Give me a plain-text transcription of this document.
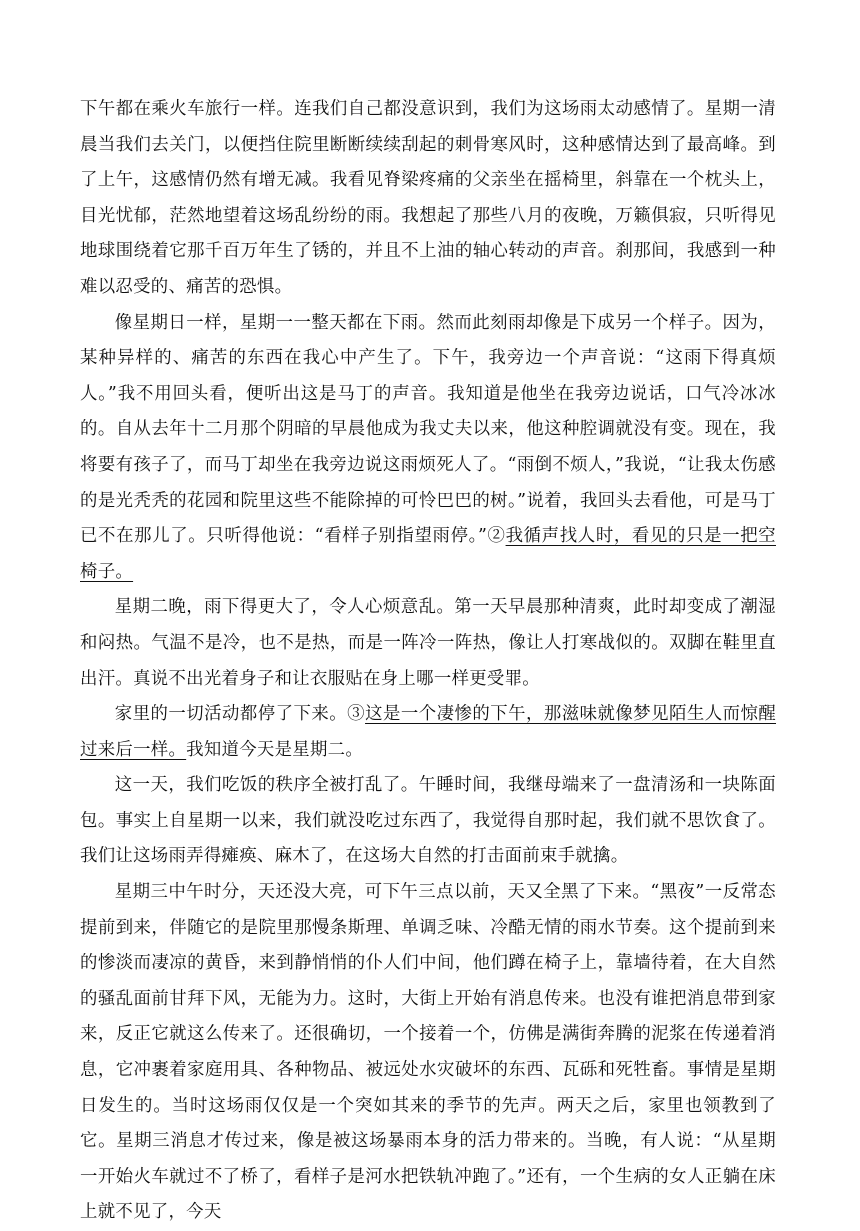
下午都在乘火车旅行一样。连我们自己都没意识到，我们为这场雨太动感情了。星期一清晨当我们去关门，以便挡住院里断断续续刮起的刺骨寒风时，这种感情达到了最高峰。到了上午，这感情仍然有增无减。我看见脊梁疼痛的父亲坐在摇椅里，斜靠在一个枕头上，目光忧郁，茫然地望着这场乱纷纷的雨。我想起了那些八月的夜晚，万籁俱寂，只听得见地球围绕着它那千百万年生了锈的，并且不上油的轴心转动的声音。刹那间，我感到一种难以忍受的、痛苦的恐惧。

像星期日一样，星期一一整天都在下雨。然而此刻雨却像是下成另一个样子。因为，某种异样的、痛苦的东西在我心中产生了。下午，我旁边一个声音说：“这雨下得真烦人。”我不用回头看，便听出这是马丁的声音。我知道是他坐在我旁边说话，口气冷冰冰的。自从去年十二月那个阴暗的早晨他成为我丈夫以来，他这种腔调就没有变。现在，我将要有孩子了，而马丁却坐在我旁边说这雨烦死人了。“雨倒不烦人，”我说，“让我太伤感的是光秃秃的花园和院里这些不能除掉的可怜巴巴的树。”说着，我回头去看他，可是马丁已不在那儿了。只听得他说：“看样子别指望雨停。”②我循声找人时，看见的只是一把空椅子。

星期二晚，雨下得更大了，令人心烦意乱。第一天早晨那种清爽，此时却变成了潮湿和闷热。气温不是冷，也不是热，而是一阵冷一阵热，像让人打寒战似的。双脚在鞋里直出汗。真说不出光着身子和让衣服贴在身上哪一样更受罪。

家里的一切活动都停了下来。③这是一个凄惨的下午，那滋味就像梦见陌生人而惊醒过来后一样。我知道今天是星期二。

这一天，我们吃饭的秩序全被打乱了。午睡时间，我继母端来了一盘清汤和一块陈面包。事实上自星期一以来，我们就没吃过东西了，我觉得自那时起，我们就不思饮食了。我们让这场雨弄得瘫痪、麻木了，在这场大自然的打击面前束手就擒。

星期三中午时分，天还没大亮，可下午三点以前，天又全黑了下来。“黑夜”一反常态提前到来，伴随它的是院里那慢条斯理、单调乏味、冷酷无情的雨水节奏。这个提前到来的惨淡而凄凉的黄昏，来到静悄悄的仆人们中间，他们蹲在椅子上，靠墙待着，在大自然的骚乱面前甘拜下风，无能为力。这时，大街上开始有消息传来。也没有谁把消息带到家来，反正它就这么传来了。还很确切，一个接着一个，仿佛是满街奔腾的泥浆在传递着消息，它冲裹着家庭用具、各种物品、被远处水灾破坏的东西、瓦砾和死牲畜。事情是星期日发生的。当时这场雨仅仅是一个突如其来的季节的先声。两天之后，家里也领教到了它。星期三消息才传过来，像是被这场暴雨本身的活力带来的。当晚，有人说：“从星期一开始火车就过不了桥了，看样子是河水把铁轨冲跑了。”还有，一个生病的女人正躺在床上就不见了，今天
